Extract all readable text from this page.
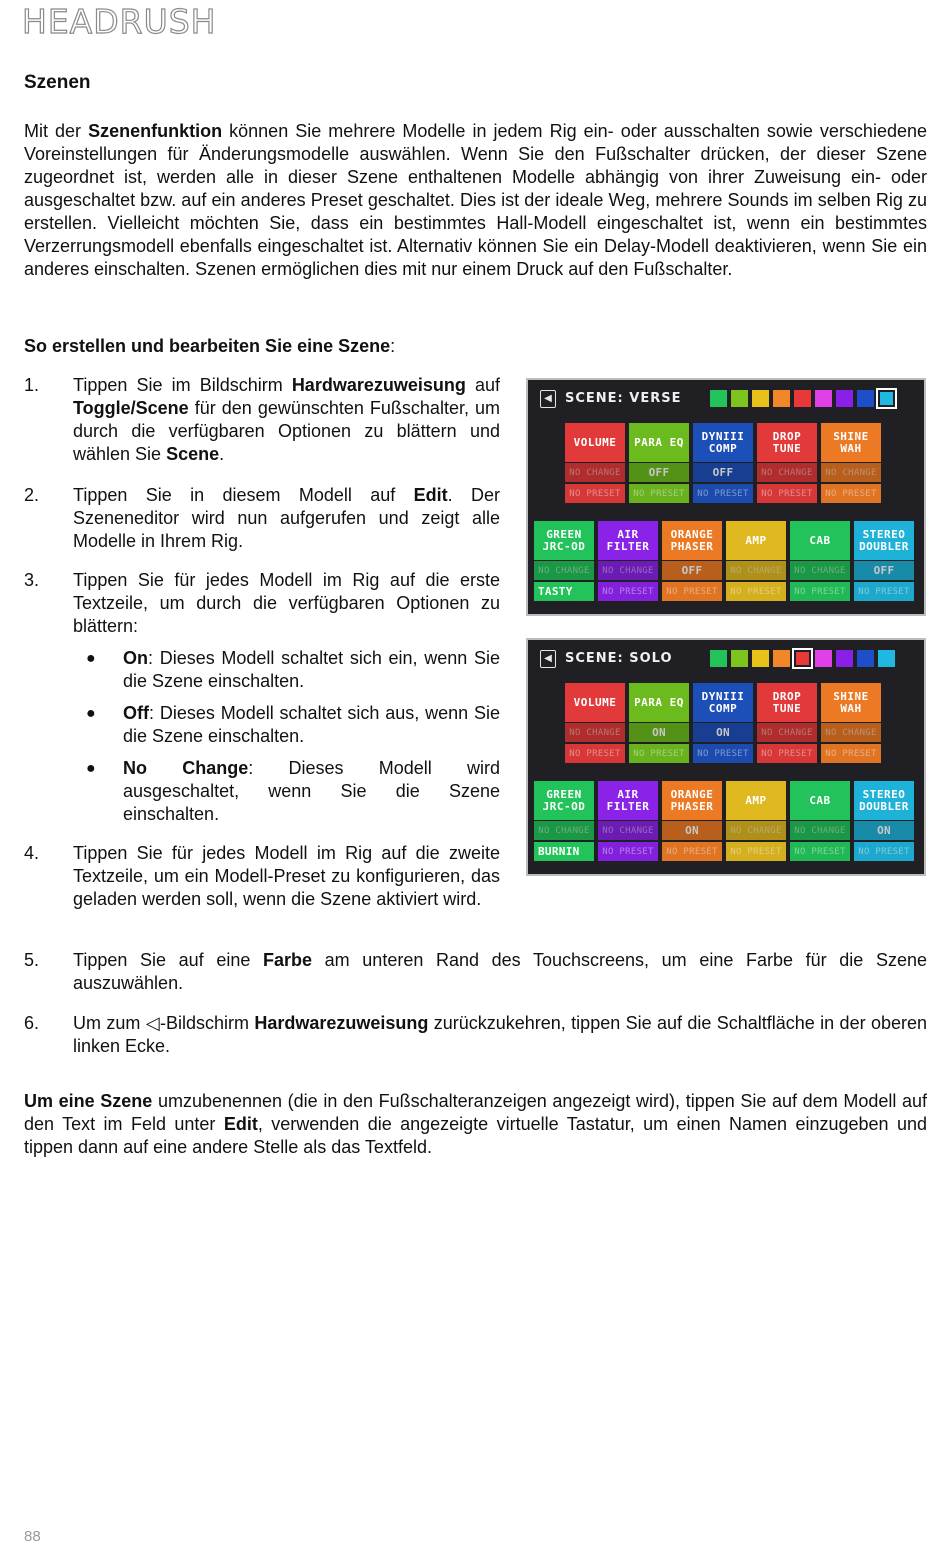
HEADRUSH
Szenen

Mit der Szenenfunktion können Sie mehrere Modelle in jedem Rig ein- oder ausschalten sowie verschiedene Voreinstellungen für Änderungsmodelle auswählen. Wenn Sie den Fußschalter drücken, der dieser Szene zugeordnet ist, werden alle in dieser Szene enthaltenen Modelle abhängig von ihrer Zuweisung ein- oder ausgeschaltet bzw. auf ein anderes Preset geschaltet. Dies ist der ideale Weg, mehrere Sounds im selben Rig zu erstellen. Vielleicht möchten Sie, dass ein bestimmtes Hall-Modell eingeschaltet ist, wenn ein bestimmtes Verzerrungsmodell ebenfalls eingeschaltet ist. Alternativ können Sie ein Delay-Modell deaktivieren, wenn Sie ein anderes einschalten. Szenen ermöglichen dies mit nur einem Druck auf den Fußschalter.

So erstellen und bearbeiten Sie eine Szene:
1. Tippen Sie im Bildschirm Hardwarezuweisung auf Toggle/Scene für den gewünschten Fußschalter, um durch die verfügbaren Optionen zu blättern und wählen Sie Scene.
2. Tippen Sie in diesem Modell auf Edit. Der Szeneneditor wird nun aufgerufen und zeigt alle Modelle in Ihrem Rig.
3. Tippen Sie für jedes Modell im Rig auf die erste Textzeile, um durch die verfügbaren Optionen zu blättern:
● On: Dieses Modell schaltet sich ein, wenn Sie die Szene einschalten.
● Off: Dieses Modell schaltet sich aus, wenn Sie die Szene einschalten.
● No Change: Dieses Modell wird ausgeschaltet, wenn Sie die Szene einschalten.
4. Tippen Sie für jedes Modell im Rig auf die zweite Textzeile, um ein Modell-Preset zu konfigurieren, das geladen werden soll, wenn die Szene aktiviert wird.
5. Tippen Sie auf eine Farbe am unteren Rand des Touchscreens, um eine Farbe für die Szene auszuwählen.
6. Um zum ◁-Bildschirm Hardwarezuweisung zurückzukehren, tippen Sie auf die Schaltfläche in der oberen linken Ecke.

Um eine Szene umzubenennen (die in den Fußschalteranzeigen angezeigt wird), tippen Sie auf dem Modell auf den Text im Feld unter Edit, verwenden die angezeigte virtuelle Tastatur, um einen Namen einzugeben und tippen dann auf eine andere Stelle als das Textfeld.

◀	SCENE: VERSE
VOLUME
NO CHANGE
NO PRESET
PARA EQ
OFF
NO PRESET
DYNIII
COMP
OFF
NO PRESET
DROP
TUNE
NO CHANGE
NO PRESET
SHINE
WAH
NO CHANGE
NO PRESET
GREEN
JRC-OD
NO CHANGE
TASTY
AIR
FILTER
NO CHANGE
NO PRESET
ORANGE
PHASER
OFF
NO PRESET
AMP
NO CHANGE
NO PRESET
CAB
NO CHANGE
NO PRESET
STEREO
DOUBLER
OFF
NO PRESET
◀	SCENE: SOLO
VOLUME
NO CHANGE
NO PRESET
PARA EQ
ON
NO PRESET
DYNIII
COMP
ON
NO PRESET
DROP
TUNE
NO CHANGE
NO PRESET
SHINE
WAH
NO CHANGE
NO PRESET
GREEN
JRC-OD
NO CHANGE
BURNIN
AIR
FILTER
NO CHANGE
NO PRESET
ORANGE
PHASER
ON
NO PRESET
AMP
NO CHANGE
NO PRESET
CAB
NO CHANGE
NO PRESET
STEREO
DOUBLER
ON
NO PRESET
88
